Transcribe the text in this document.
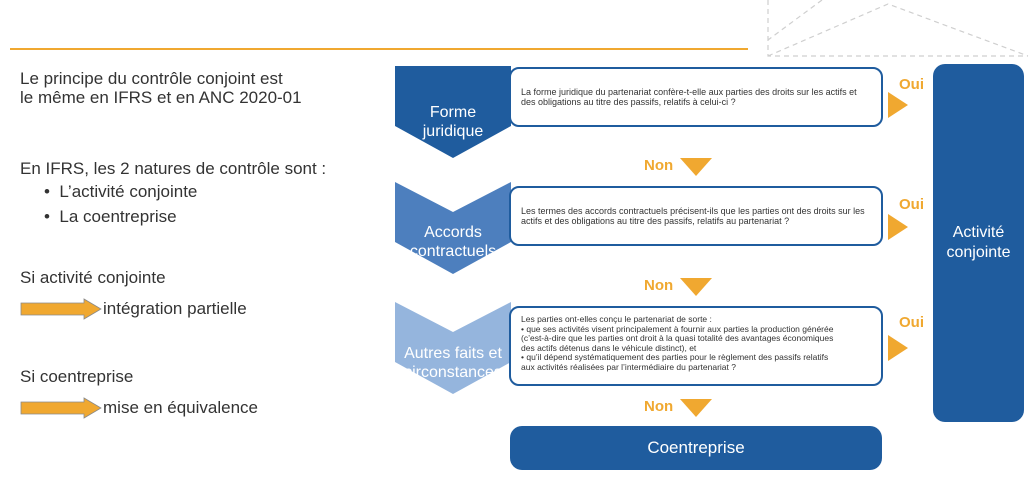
Le principe du contrôle conjoint est
le même en IFRS et en ANC 2020-01
En IFRS, les 2 natures de contrôle sont :
•  L’activité conjointe
•  La coentreprise
Si activité conjointe
intégration partielle
Si coentreprise
mise en équivalence
Forme
juridique
Accords
contractuels
Autres faits et
circonstances
La forme juridique du partenariat confère-t-elle aux parties des droits sur les actifs et des obligations au titre des passifs, relatifs à celui-ci ?
Les termes des accords contractuels précisent-ils que les parties ont des droits sur les actifs et des obligations au titre des passifs, relatifs au partenariat ?
Les parties ont-elles conçu le partenariat de sorte :
• que ses activités visent principalement à fournir aux parties la production générée
(c’est-à-dire que les parties ont droit à la quasi totalité des avantages économiques
des actifs détenus dans le véhicule distinct), et
• qu’il dépend systématiquement des parties pour le règlement des passifs relatifs
aux activités réalisées par l’intermédiaire du partenariat ?
Oui
Oui
Oui
Non
Non
Non
Activité
conjointe
Coentreprise
